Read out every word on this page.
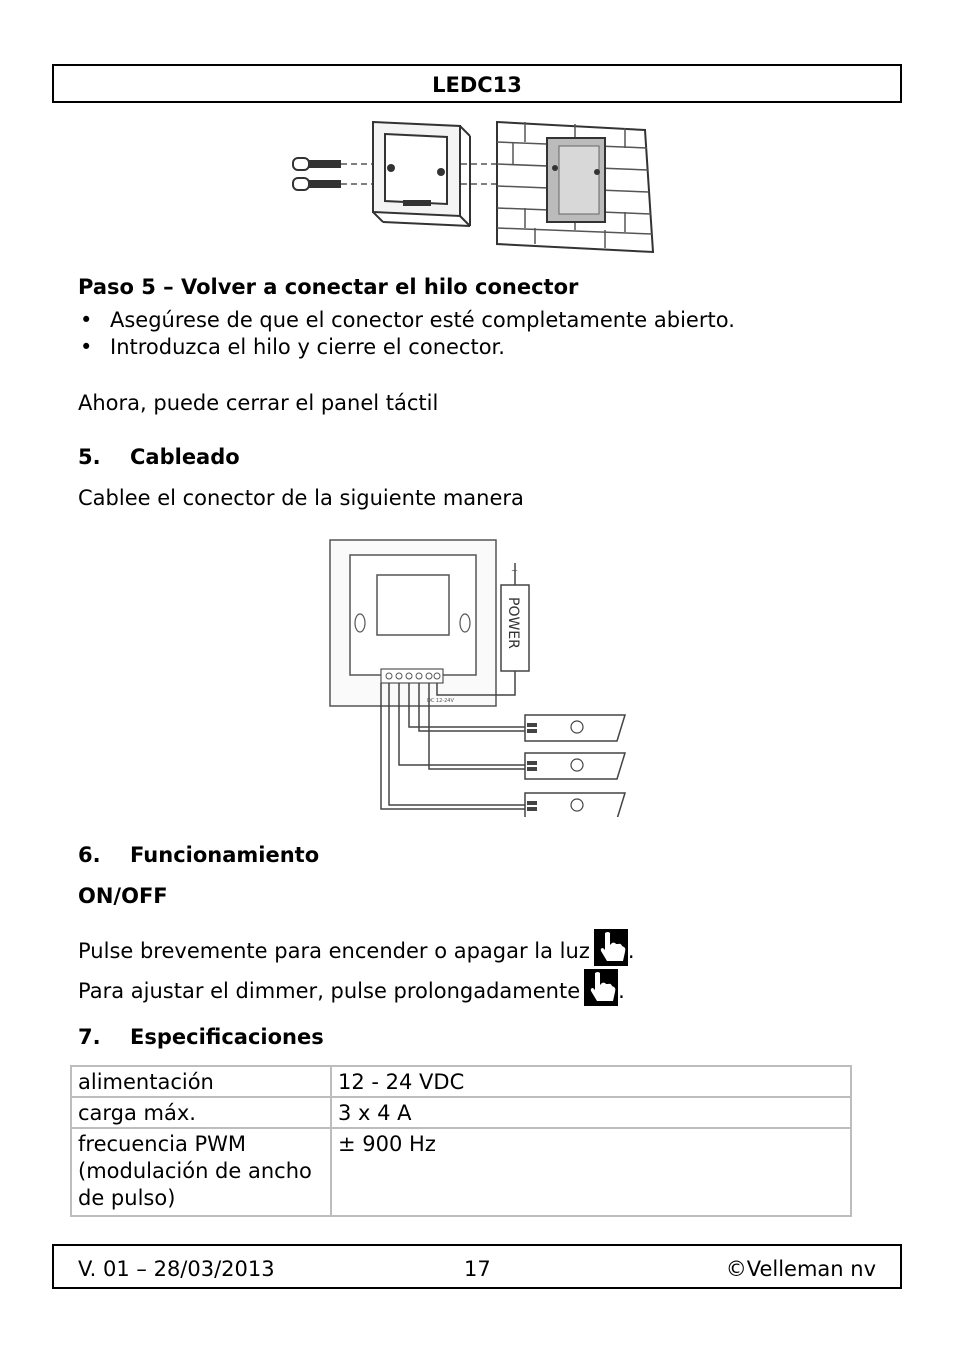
LEDC13
Paso 5 – Volver a conectar el hilo conector
• Asegúrese de que el conector esté completamente abierto.
• Introduzca el hilo y cierre el conector.
Ahora, puede cerrar el panel táctil
5. Cableado
Cablee el conector de la siguiente manera
DC 12-24V
POWER
~
6. Funcionamiento
ON/OFF
Pulse brevemente para encender o apagar la luz .
Para ajustar el dimmer, pulse prolongadamente .
7. Especificaciones
alimentación	12 - 24 VDC
carga máx.	3 x 4 A
frecuencia PWM (modulación de ancho de pulso)	± 900 Hz
V. 01 – 28/03/2013	17	©Velleman nv
